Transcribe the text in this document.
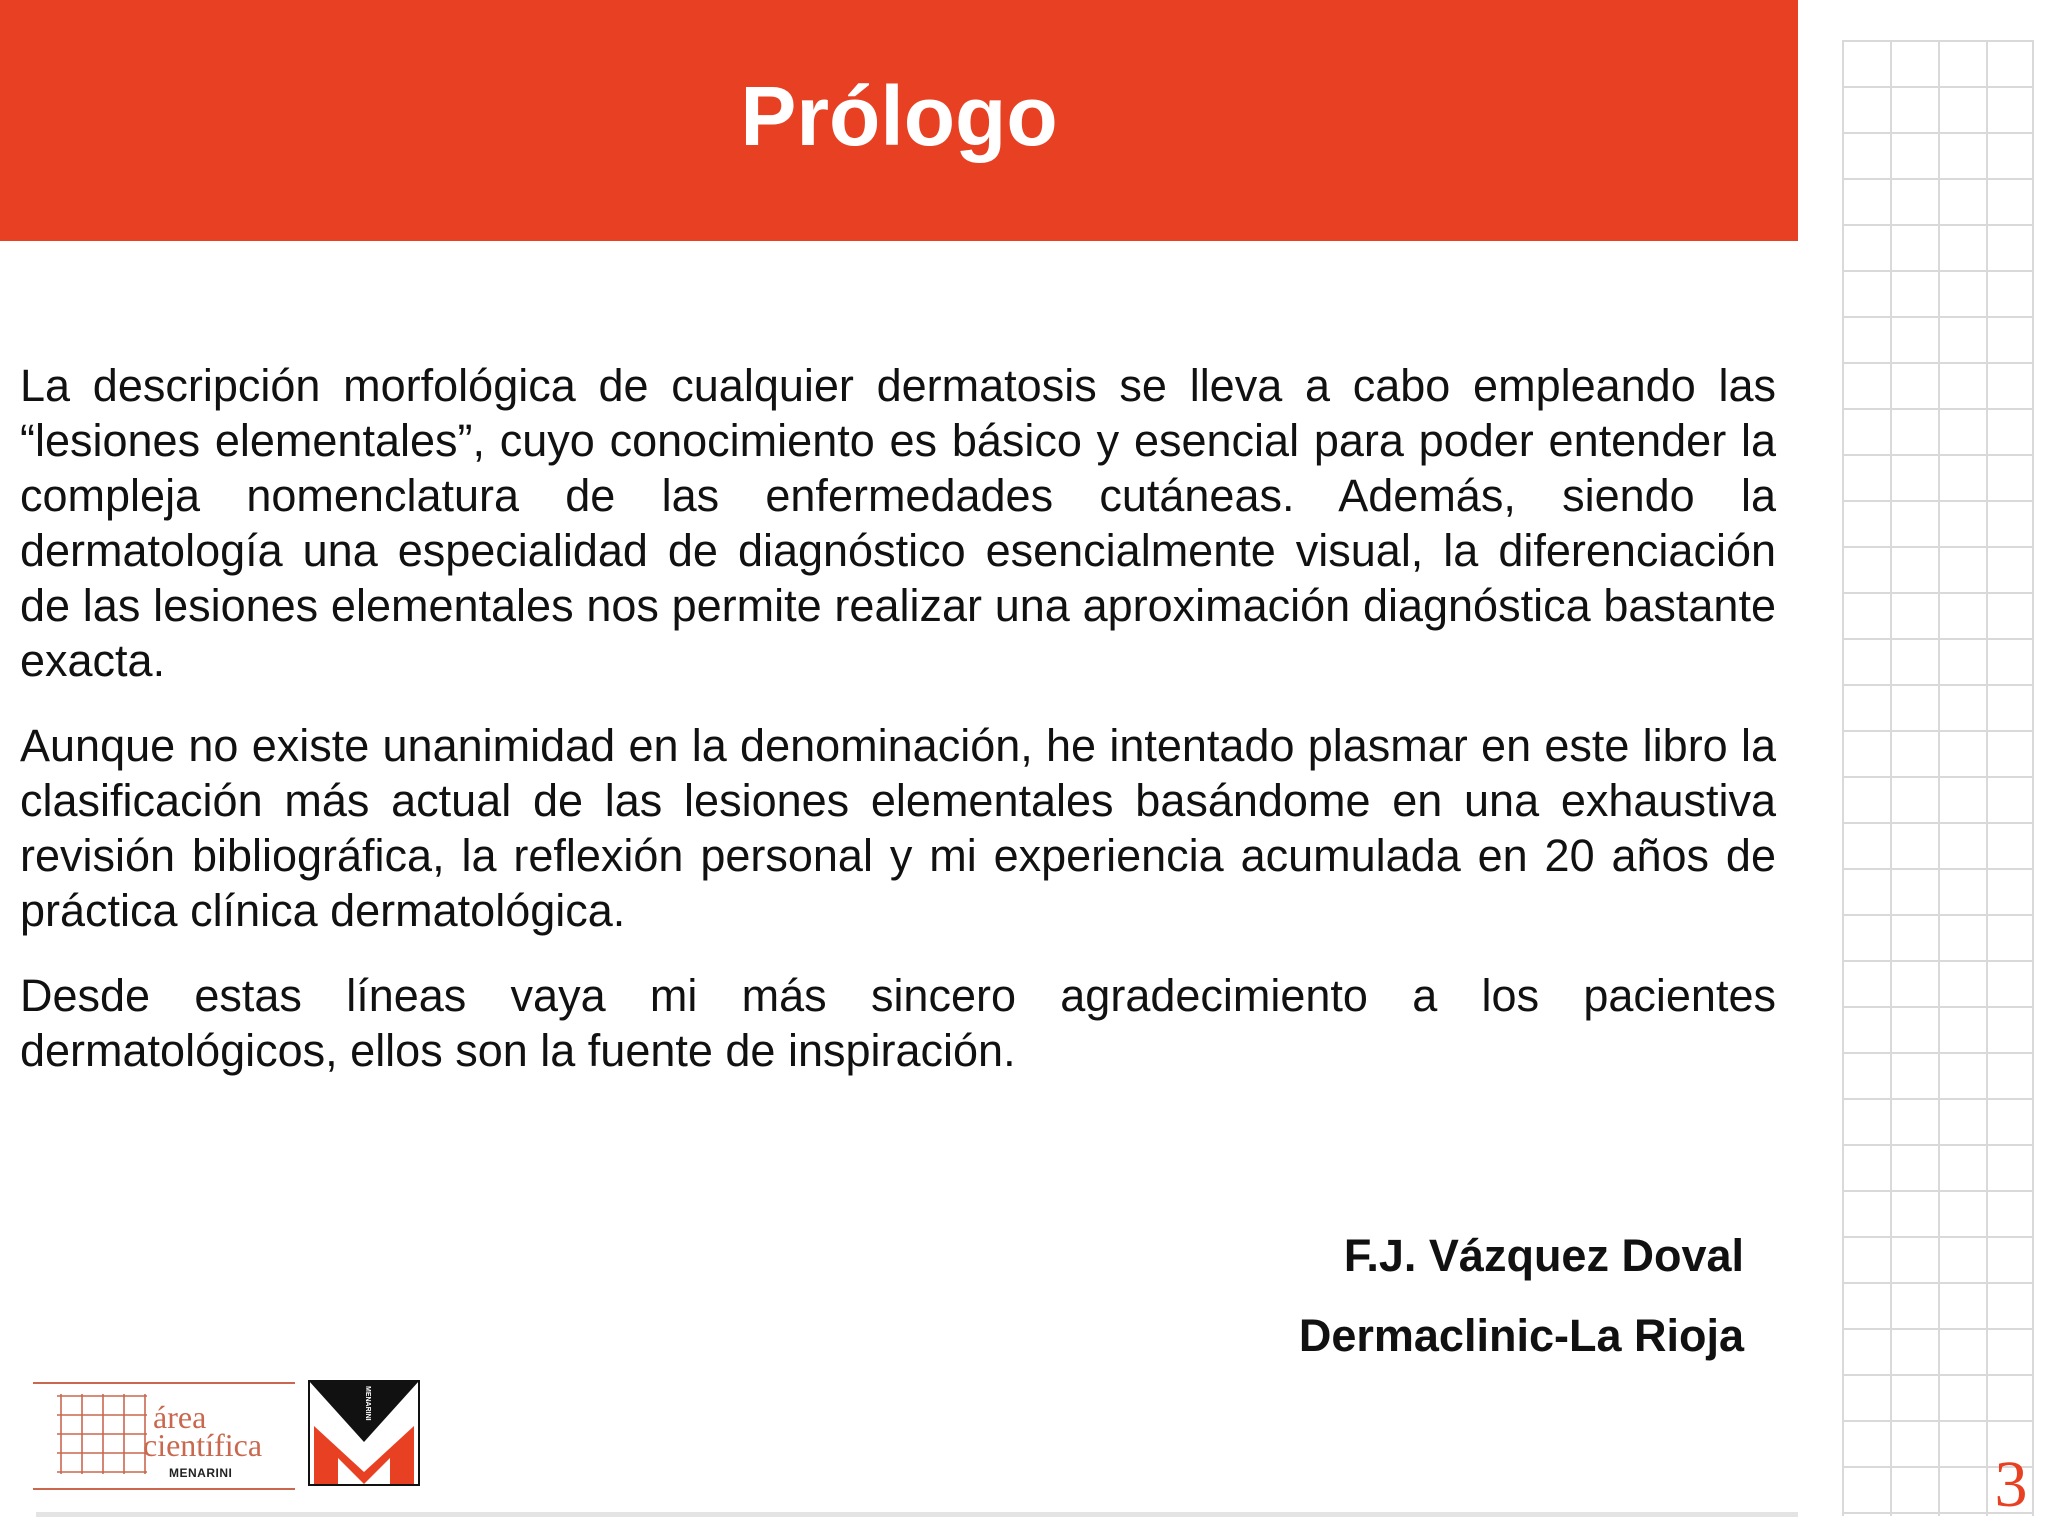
Prólogo

La descripción morfológica de cualquier dermatosis se lleva a cabo empleando las “lesiones elementales”, cuyo conocimiento es básico y esencial para poder entender la compleja nomenclatura de las enfermedades cutáneas. Además, siendo la dermatología una especialidad de diagnóstico esencialmente visual, la diferenciación de las lesiones elementales nos permite realizar una aproximación diagnóstica bastante exacta.

Aunque no existe unanimidad en la denominación, he intentado plasmar en este libro la clasificación más actual de las lesiones elementales basándome en una exhaustiva revisión bibliográfica, la reflexión personal y mi experiencia acumulada en 20 años de práctica clínica dermatológica.

Desde estas líneas vaya mi más sincero agradecimiento a los pacientes dermatológicos, ellos son la fuente de inspiración.

F.J. Vázquez Doval
Dermaclinic-La Rioja
área
científica
MENARINI
MENARINI
3
